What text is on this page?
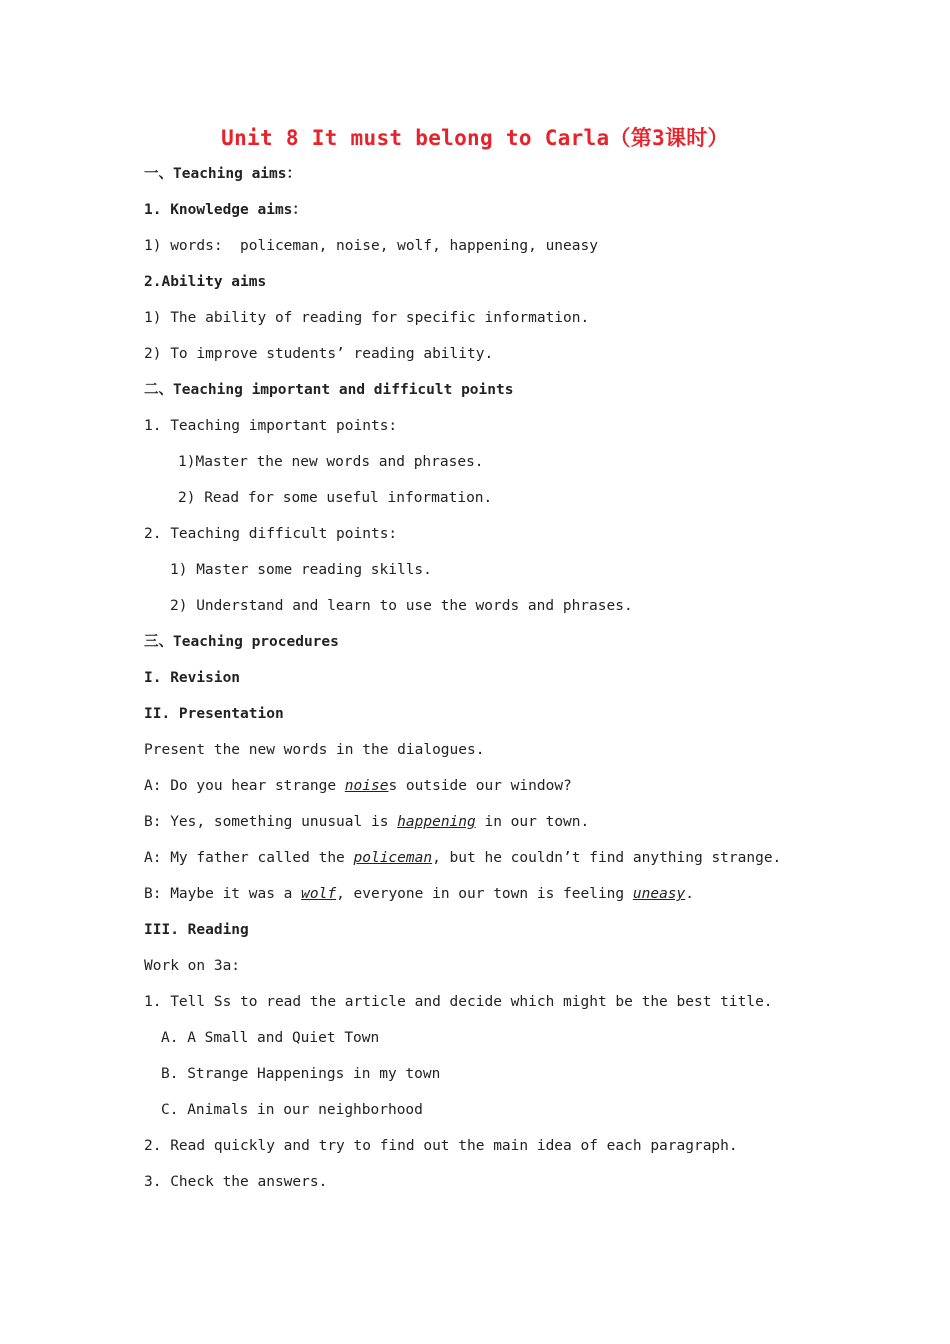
Unit 8 It must belong to Carla（第3课时）
一、Teaching aims：
1. Knowledge aims：
1) words:  policeman, noise, wolf, happening, uneasy
2.Ability aims
1) The ability of reading for specific information.
2) To improve students’ reading ability.
二、Teaching important and difficult points
1. Teaching important points:
1)Master the new words and phrases.
2) Read for some useful information.
2. Teaching difficult points:
1) Master some reading skills.
2) Understand and learn to use the words and phrases.
三、Teaching procedures
I. Revision
II. Presentation
Present the new words in the dialogues.
A: Do you hear strange noises outside our window?
B: Yes, something unusual is happening in our town.
A: My father called the policeman, but he couldn’t find anything strange.
B: Maybe it was a wolf, everyone in our town is feeling uneasy.
III. Reading
Work on 3a:
1. Tell Ss to read the article and decide which might be the best title.
A. A Small and Quiet Town
B. Strange Happenings in my town
C. Animals in our neighborhood
2. Read quickly and try to find out the main idea of each paragraph.
3. Check the answers.
